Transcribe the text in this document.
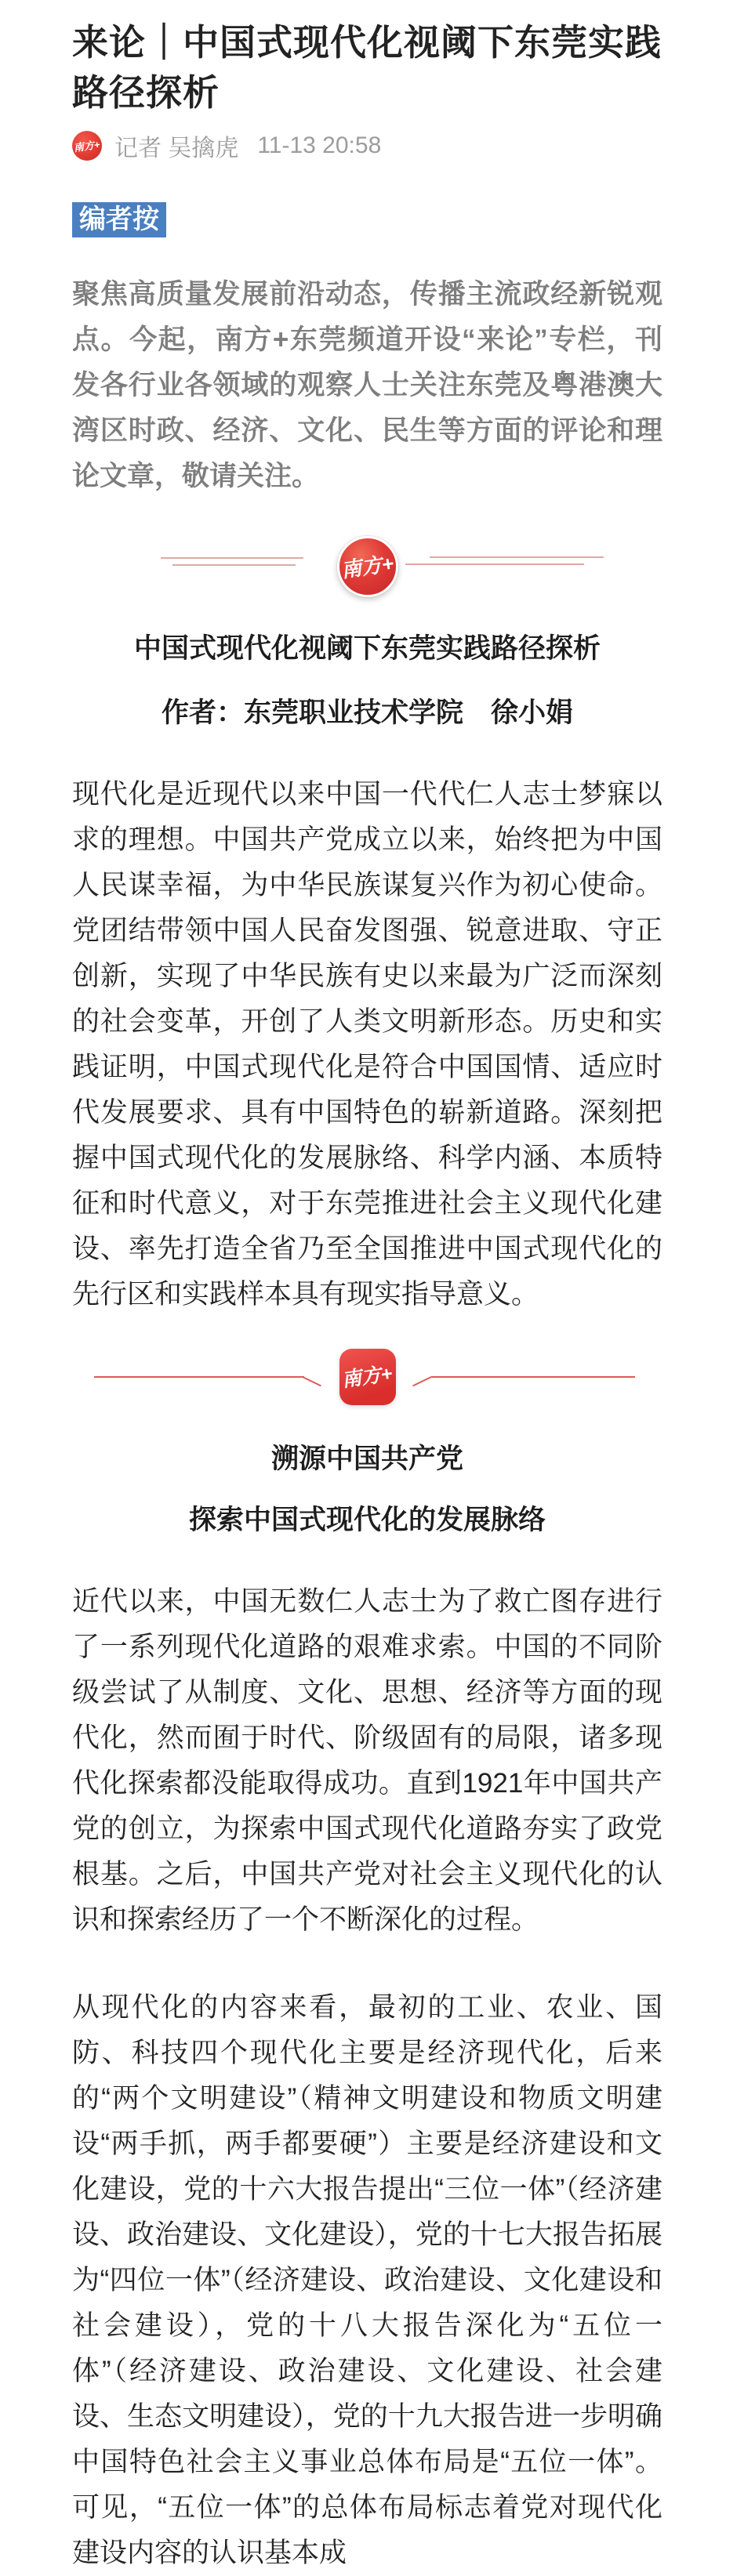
来论｜中国式现代化视阈下东莞实践路径探析
南方+ 记者 吴擒虎 11-13 20:58
编者按

聚焦高质量发展前沿动态，传播主流政经新锐观点。今起，南方+东莞频道开设“来论”专栏，刊发各行业各领域的观察人士关注东莞及粤港澳大湾区时政、经济、文化、民生等方面的评论和理论文章，敬请关注。

南方+
中国式现代化视阈下东莞实践路径探析
作者：东莞职业技术学院　徐小娟

现代化是近现代以来中国一代代仁人志士梦寐以求的理想。中国共产党成立以来，始终把为中国人民谋幸福，为中华民族谋复兴作为初心使命。党团结带领中国人民奋发图强、锐意进取、守正创新，实现了中华民族有史以来最为广泛而深刻的社会变革，开创了人类文明新形态。历史和实践证明，中国式现代化是符合中国国情、适应时代发展要求、具有中国特色的崭新道路。深刻把握中国式现代化的发展脉络、科学内涵、本质特征和时代意义，对于东莞推进社会主义现代化建设、率先打造全省乃至全国推进中国式现代化的先行区和实践样本具有现实指导意义。

南方+
溯源中国共产党
探索中国式现代化的发展脉络

近代以来，中国无数仁人志士为了救亡图存进行了一系列现代化道路的艰难求索。中国的不同阶级尝试了从制度、文化、思想、经济等方面的现代化，然而囿于时代、阶级固有的局限，诸多现代化探索都没能取得成功。直到1921年中国共产党的创立，为探索中国式现代化道路夯实了政党根基。之后，中国共产党对社会主义现代化的认识和探索经历了一个不断深化的过程。

从现代化的内容来看，最初的工业、农业、国防、科技四个现代化主要是经济现代化，后来的“两个文明建设”（精神文明建设和物质文明建设“两手抓，两手都要硬”）主要是经济建设和文化建设，党的十六大报告提出“三位一体”（经济建设、政治建设、文化建设），党的十七大报告拓展为“四位一体”（经济建设、政治建设、文化建设和社会建设），党的十八大报告深化为“五位一体”（经济建设、政治建设、文化建设、社会建设、生态文明建设），党的十九大报告进一步明确中国特色社会主义事业总体布局是“五位一体”。可见，“五位一体”的总体布局标志着党对现代化建设内容的认识基本成
